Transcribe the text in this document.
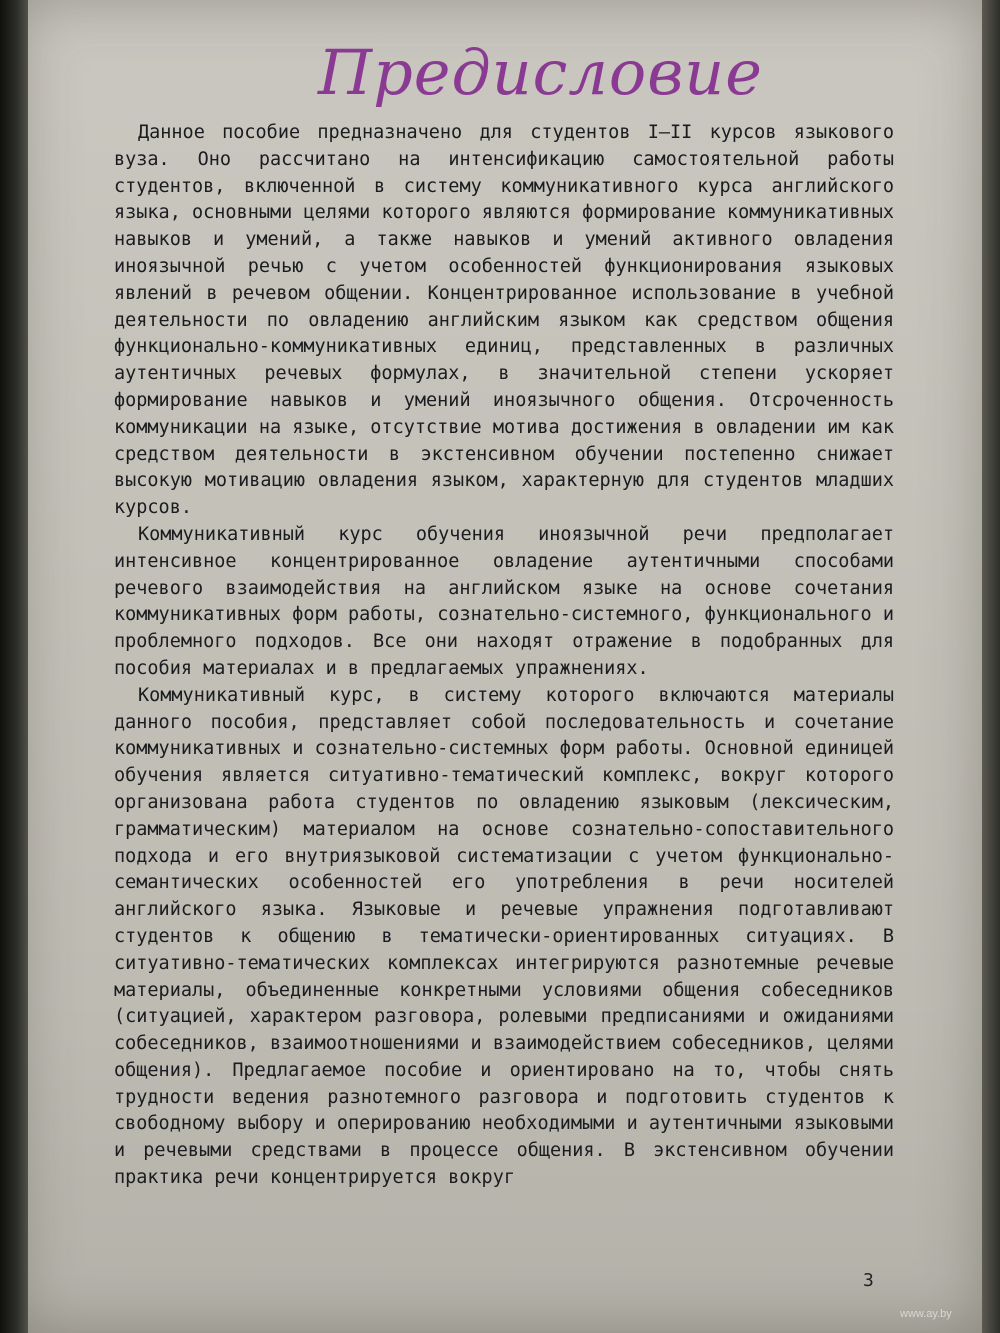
Предисловие

Данное пособие предназначено для студентов I—II курсов языкового вуза. Оно рассчитано на интенсификацию самостоятельной работы студентов, включенной в систему коммуникативного курса английского языка, основными целями которого являются формирование коммуникативных навыков и умений, а также навыков и умений активного овладения иноязычной речью с учетом особенностей функционирования языковых явлений в речевом общении. Концентрированное использование в учебной деятельности по овладению английским языком как средством общения функционально-коммуникативных единиц, представленных в различных аутентичных речевых формулах, в значительной степени ускоряет формирование навыков и умений иноязычного общения. Отсроченность коммуникации на языке, отсутствие мотива достижения в овладении им как средством деятельности в экстенсивном обучении постепенно снижает высокую мотивацию овладения языком, характерную для студентов младших курсов.

Коммуникативный курс обучения иноязычной речи предполагает интенсивное концентрированное овладение аутентичными способами речевого взаимодействия на английском языке на основе сочетания коммуникативных форм работы, сознательно-системного, функционального и проблемного подходов. Все они находят отражение в подобранных для пособия материалах и в предлагаемых упражнениях.

Коммуникативный курс, в систему которого включаются материалы данного пособия, представляет собой последовательность и сочетание коммуникативных и сознательно-системных форм работы. Основной единицей обучения является ситуативно-тематический комплекс, вокруг которого организована работа студентов по овладению языковым (лексическим, грамматическим) материалом на основе сознательно-сопоставительного подхода и его внутриязыковой систематизации с учетом функционально-семантических особенностей его употребления в речи носителей английского языка. Языковые и речевые упражнения подготавливают студентов к общению в тематически-ориентированных ситуациях. В ситуативно-тематических комплексах интегрируются разнотемные речевые материалы, объединенные конкретными условиями общения собеседников (ситуацией, характером разговора, ролевыми предписаниями и ожиданиями собеседников, взаимоотношениями и взаимодействием собеседников, целями общения). Предлагаемое пособие и ориентировано на то, чтобы снять трудности ведения разнотемного разговора и подготовить студентов к свободному выбору и оперированию необходимыми и аутентичными языковыми и речевыми средствами в процессе общения. В экстенсивном обучении практика речи концентрируется вокруг

3
www.ay.by
